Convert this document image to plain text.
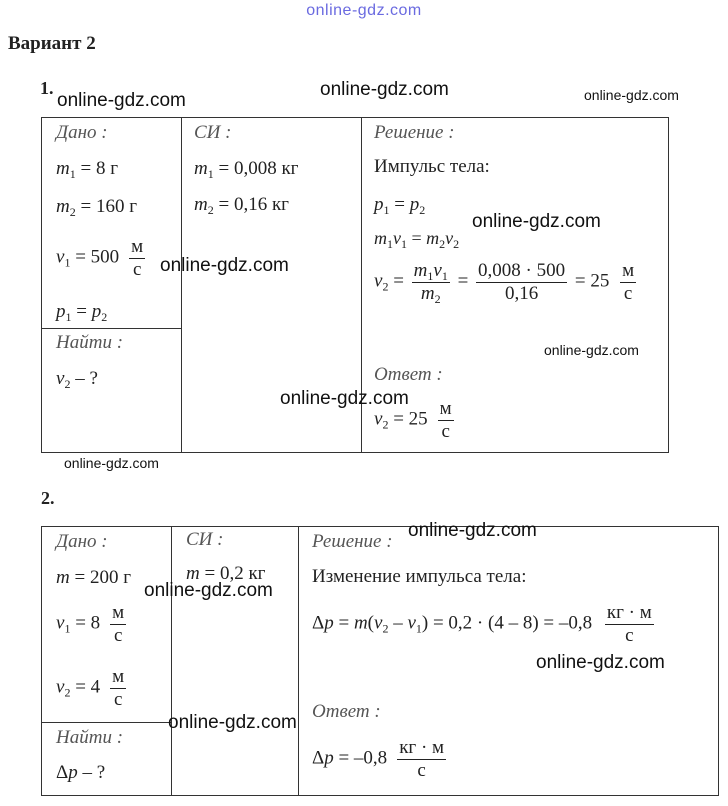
online-gdz.com
Вариант 2
1.
Дано :
$m_1 = 8$ г
$m_2 = 160$ г
$v_1 = 500 \frac{м}{с}$
$p_1 = p_2$
Найти :
$v_2$ – ?
СИ :
$m_1 = 0,008$ кг
$m_2 = 0,16$ кг
Решение :
Импульс тела:
$p_1 = p_2$
$m_1v_1 = m_2v_2$
$v_2 = \frac{m_1v_1}{m_2} = \frac{0,008 \cdot 500}{0,16} = 25 \frac{м}{с}$
Ответ :
$v_2 = 25 \frac{м}{с}$
2.
Дано :
m = 200 г
$v_1 = 8 \frac{м}{с}$
$v_2 = 4 \frac{м}{с}$
Найти :
Δp – ?
СИ :
m = 0,2 кг
Решение :
Изменение импульса тела:
$\Delta p = m(v_2 - v_1) = 0,2 \cdot (4 - 8) = -0,8 \frac{кг \cdot м}{с}$
Ответ :
$\Delta p = -0,8 \frac{кг \cdot м}{с}$
online-gdz.com
online-gdz.com	online-gdz.com
online-gdz.com
online-gdz.com
online-gdz.com
online-gdz.com
online-gdz.com
online-gdz.com
online-gdz.com
online-gdz.com
online-gdz.com
